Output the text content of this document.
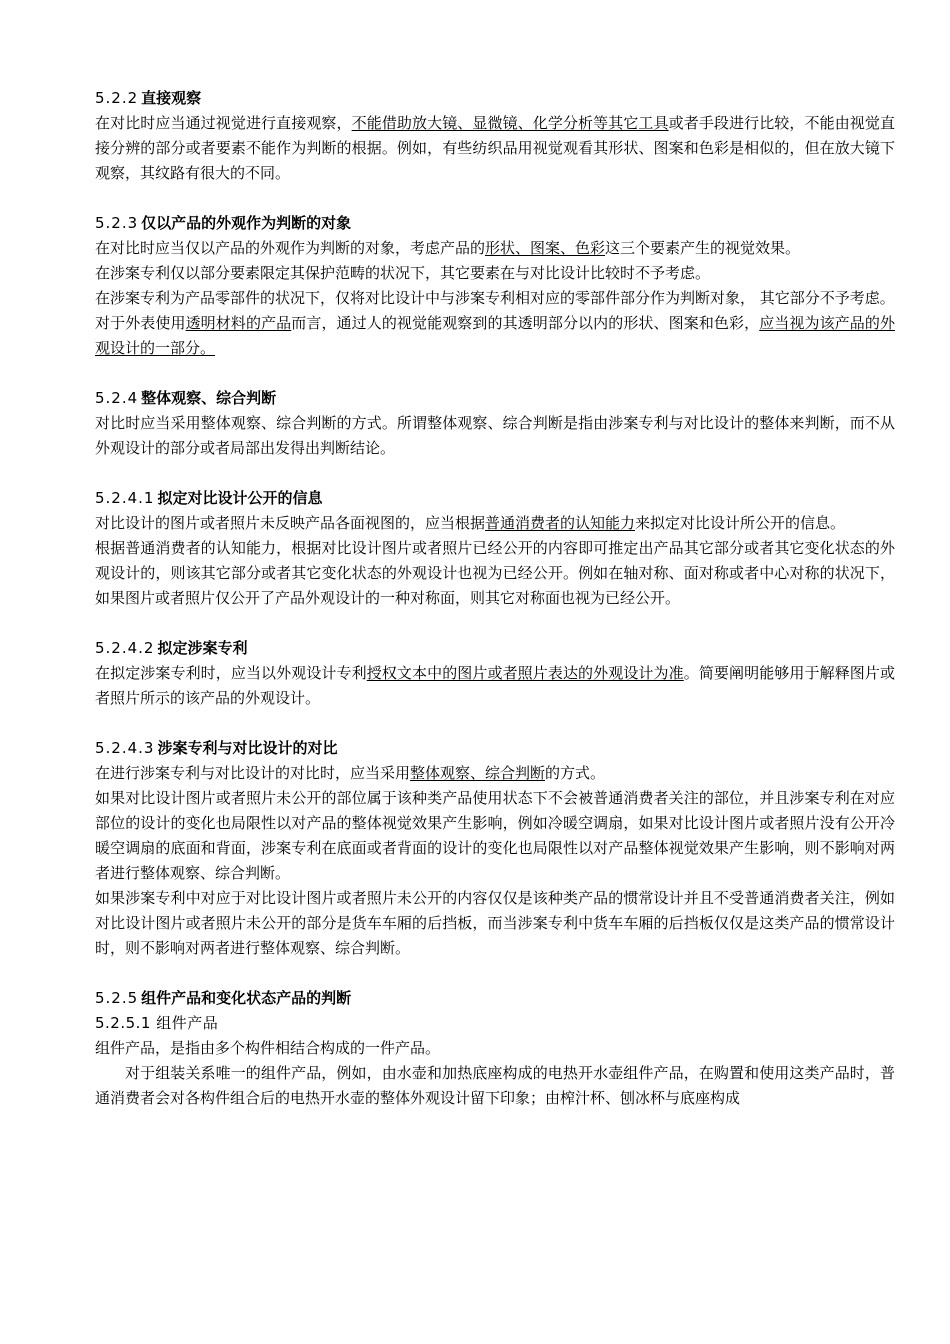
5.2.2 直接观察

在对比时应当通过视觉进行直接观察，不能借助放大镜、显微镜、化学分析等其它工具或者手段进行比较，不能由视觉直接分辨的部分或者要素不能作为判断的根据。例如，有些纺织品用视觉观看其形状、图案和色彩是相似的，但在放大镜下观察，其纹路有很大的不同。

5.2.3 仅以产品的外观作为判断的对象

在对比时应当仅以产品的外观作为判断的对象，考虑产品的形状、图案、色彩这三个要素产生的视觉效果。

在涉案专利仅以部分要素限定其保护范畴的状况下，其它要素在与对比设计比较时不予考虑。

在涉案专利为产品零部件的状况下，仅将对比设计中与涉案专利相对应的零部件部分作为判断对象， 其它部分不予考虑。

对于外表使用透明材料的产品而言，通过人的视觉能观察到的其透明部分以内的形状、图案和色彩，应当视为该产品的外观设计的一部分。

5.2.4 整体观察、综合判断

对比时应当采用整体观察、综合判断的方式。所谓整体观察、综合判断是指由涉案专利与对比设计的整体来判断，而不从外观设计的部分或者局部出发得出判断结论。

5.2.4.1 拟定对比设计公开的信息

对比设计的图片或者照片未反映产品各面视图的，应当根据普通消费者的认知能力来拟定对比设计所公开的信息。

根据普通消费者的认知能力，根据对比设计图片或者照片已经公开的内容即可推定出产品其它部分或者其它变化状态的外观设计的，则该其它部分或者其它变化状态的外观设计也视为已经公开。例如在轴对称、面对称或者中心对称的状况下，如果图片或者照片仅公开了产品外观设计的一种对称面，则其它对称面也视为已经公开。

5.2.4.2 拟定涉案专利

在拟定涉案专利时，应当以外观设计专利授权文本中的图片或者照片表达的外观设计为准。简要阐明能够用于解释图片或者照片所示的该产品的外观设计。

5.2.4.3 涉案专利与对比设计的对比

在进行涉案专利与对比设计的对比时，应当采用整体观察、综合判断的方式。

如果对比设计图片或者照片未公开的部位属于该种类产品使用状态下不会被普通消费者关注的部位，并且涉案专利在对应部位的设计的变化也局限性以对产品的整体视觉效果产生影响，例如冷暖空调扇，如果对比设计图片或者照片没有公开冷暖空调扇的底面和背面，涉案专利在底面或者背面的设计的变化也局限性以对产品整体视觉效果产生影响，则不影响对两者进行整体观察、综合判断。

如果涉案专利中对应于对比设计图片或者照片未公开的内容仅仅是该种类产品的惯常设计并且不受普通消费者关注，例如对比设计图片或者照片未公开的部分是货车车厢的后挡板，而当涉案专利中货车车厢的后挡板仅仅是这类产品的惯常设计时，则不影响对两者进行整体观察、综合判断。

5.2.5 组件产品和变化状态产品的判断

5.2.5.1 组件产品

组件产品，是指由多个构件相结合构成的一件产品。

对于组装关系唯一的组件产品，例如，由水壶和加热底座构成的电热开水壶组件产品，在购置和使用这类产品时，普通消费者会对各构件组合后的电热开水壶的整体外观设计留下印象；由榨汁杯、刨冰杯与底座构成
